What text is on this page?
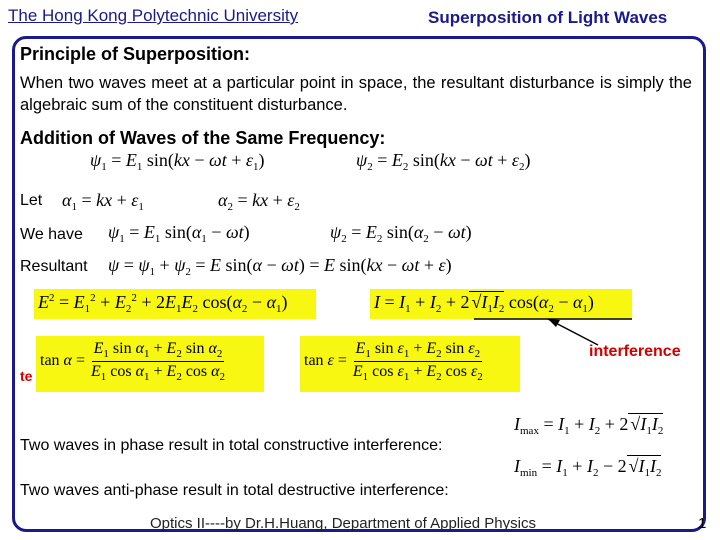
The Hong Kong Polytechnic University	Superposition of Light Waves
Principle of Superposition:
When two waves meet at a particular point in space, the resultant disturbance is simply the algebraic sum of the constituent disturbance.
Addition of Waves of the Same Frequency:
$\psi_1 = E_1$ $\sin(kx - \omega t + \varepsilon_1)$	$\psi_2 = E_2$ $\sin(kx - \omega t + \varepsilon_2)$
Let $\alpha_1$ = kx + $\varepsilon_1$	$\alpha_2$ = kx + $\varepsilon_2$
We have $\psi_1 = E_1$ $\sin(\alpha_1 - \omega t)$	$\psi_2 = E_2$ $\sin(\alpha_2 - \omega t)$
Resultant $\psi = \psi_1 + \psi_2 = E$ sin(α − ωt) = E sin(kx − ωt + ε)
$E^2 = E_1^2 + E_2^2 + 2E_1E_2$ $\cos(\alpha_2 - \alpha_1)$	$I = I_1 + I_2 + 2$ $√I_1I_2$ $\cos(\alpha_2 - \alpha_1)$
te
$\tan \alpha = \frac{E_1 \sin \alpha_1 + E_2 \sin \alpha_2}{E_1 \cos \alpha_1 + E_2 \cos \alpha_2}$	$\tan \varepsilon = \frac{E_1 \sin \varepsilon_1 + E_2 \sin \varepsilon_2}{E_1 \cos \varepsilon_1 + E_2 \cos \varepsilon_2}$	interference
Two waves in phase result in total constructive interference:
$I_{max} = I_1 + I_2 + 2$ $√I_1I_2$
Two waves anti-phase result in total destructive interference:
$I_{min} = I_1 + I_2 - 2$ $√I_1I_2$
Optics II----by Dr.H.Huang, Department of Applied Physics	1
